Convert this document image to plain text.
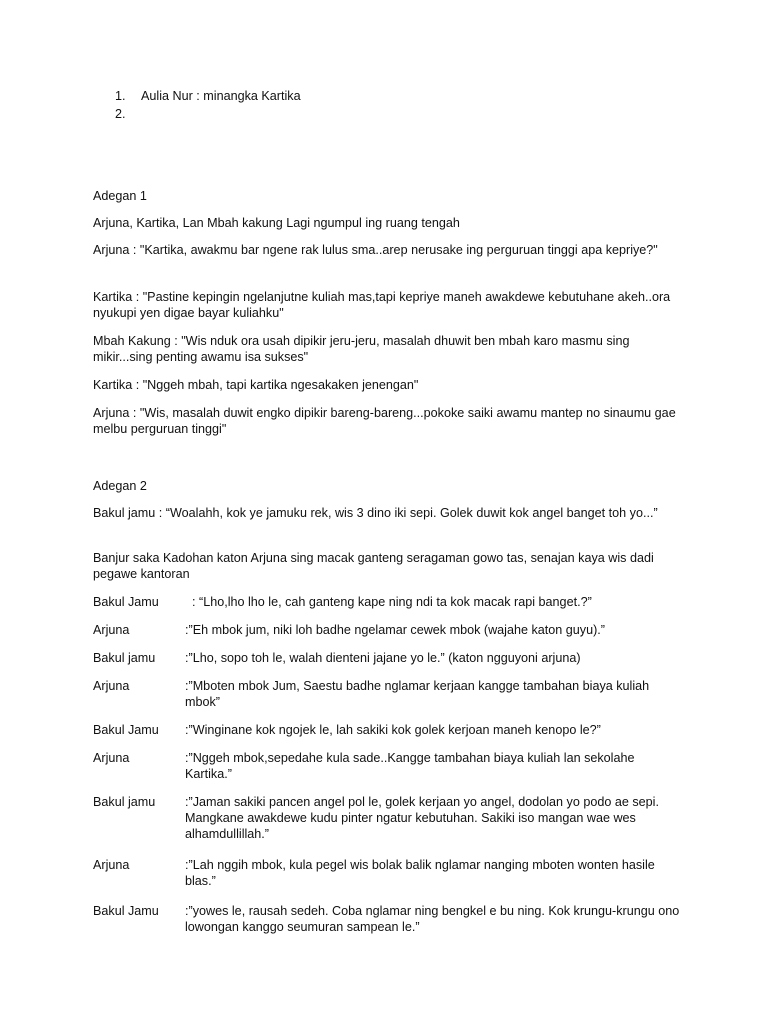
1. Aulia Nur : minangka Kartika
2.
Adegan 1
Arjuna, Kartika, Lan Mbah kakung Lagi ngumpul ing ruang tengah
Arjuna : "Kartika, awakmu bar ngene rak lulus sma..arep nerusake ing perguruan tinggi apa kepriye?"
Kartika : "Pastine kepingin ngelanjutne kuliah mas,tapi kepriye maneh awakdewe kebutuhane akeh..ora nyukupi yen digae bayar kuliahku"
Mbah Kakung : "Wis nduk ora usah dipikir jeru-jeru, masalah dhuwit ben mbah karo masmu sing mikir...sing penting awamu isa sukses"
Kartika : "Nggeh mbah, tapi kartika ngesakaken jenengan"
Arjuna : "Wis, masalah duwit engko dipikir bareng-bareng...pokoke saiki awamu mantep no sinaumu gae melbu perguruan tinggi"
Adegan 2
Bakul jamu : “Woalahh, kok ye jamuku rek, wis 3 dino iki sepi. Golek duwit kok angel banget toh yo...”
Banjur saka Kadohan katon Arjuna sing macak ganteng seragaman gowo tas, senajan kaya wis dadi pegawe kantoran
Bakul Jamu	: “Lho,lho lho le, cah ganteng kape ning ndi ta kok macak rapi banget.?”
Arjuna	:”Eh mbok jum, niki loh badhe ngelamar cewek mbok (wajahe katon guyu).”
Bakul jamu	:”Lho, sopo toh le, walah dienteni jajane yo le.” (katon ngguyoni arjuna)
Arjuna	:”Mboten mbok Jum, Saestu badhe nglamar kerjaan kangge tambahan biaya kuliah mbok”
Bakul Jamu	:”Winginane kok ngojek le, lah sakiki kok golek kerjoan maneh kenopo le?”
Arjuna	:”Nggeh mbok,sepedahe kula sade..Kangge tambahan biaya kuliah lan sekolahe Kartika.”
Bakul jamu	:”Jaman sakiki pancen angel pol le, golek kerjaan yo angel, dodolan yo podo ae sepi. Mangkane awakdewe kudu pinter ngatur kebutuhan. Sakiki iso mangan wae wes alhamdullillah.”
Arjuna	:”Lah nggih mbok, kula pegel wis bolak balik nglamar nanging mboten wonten hasile blas.”
Bakul Jamu	:”yowes le, rausah sedeh. Coba nglamar ning bengkel e bu ning. Kok krungu-krungu ono lowongan kanggo seumuran sampean le.”
